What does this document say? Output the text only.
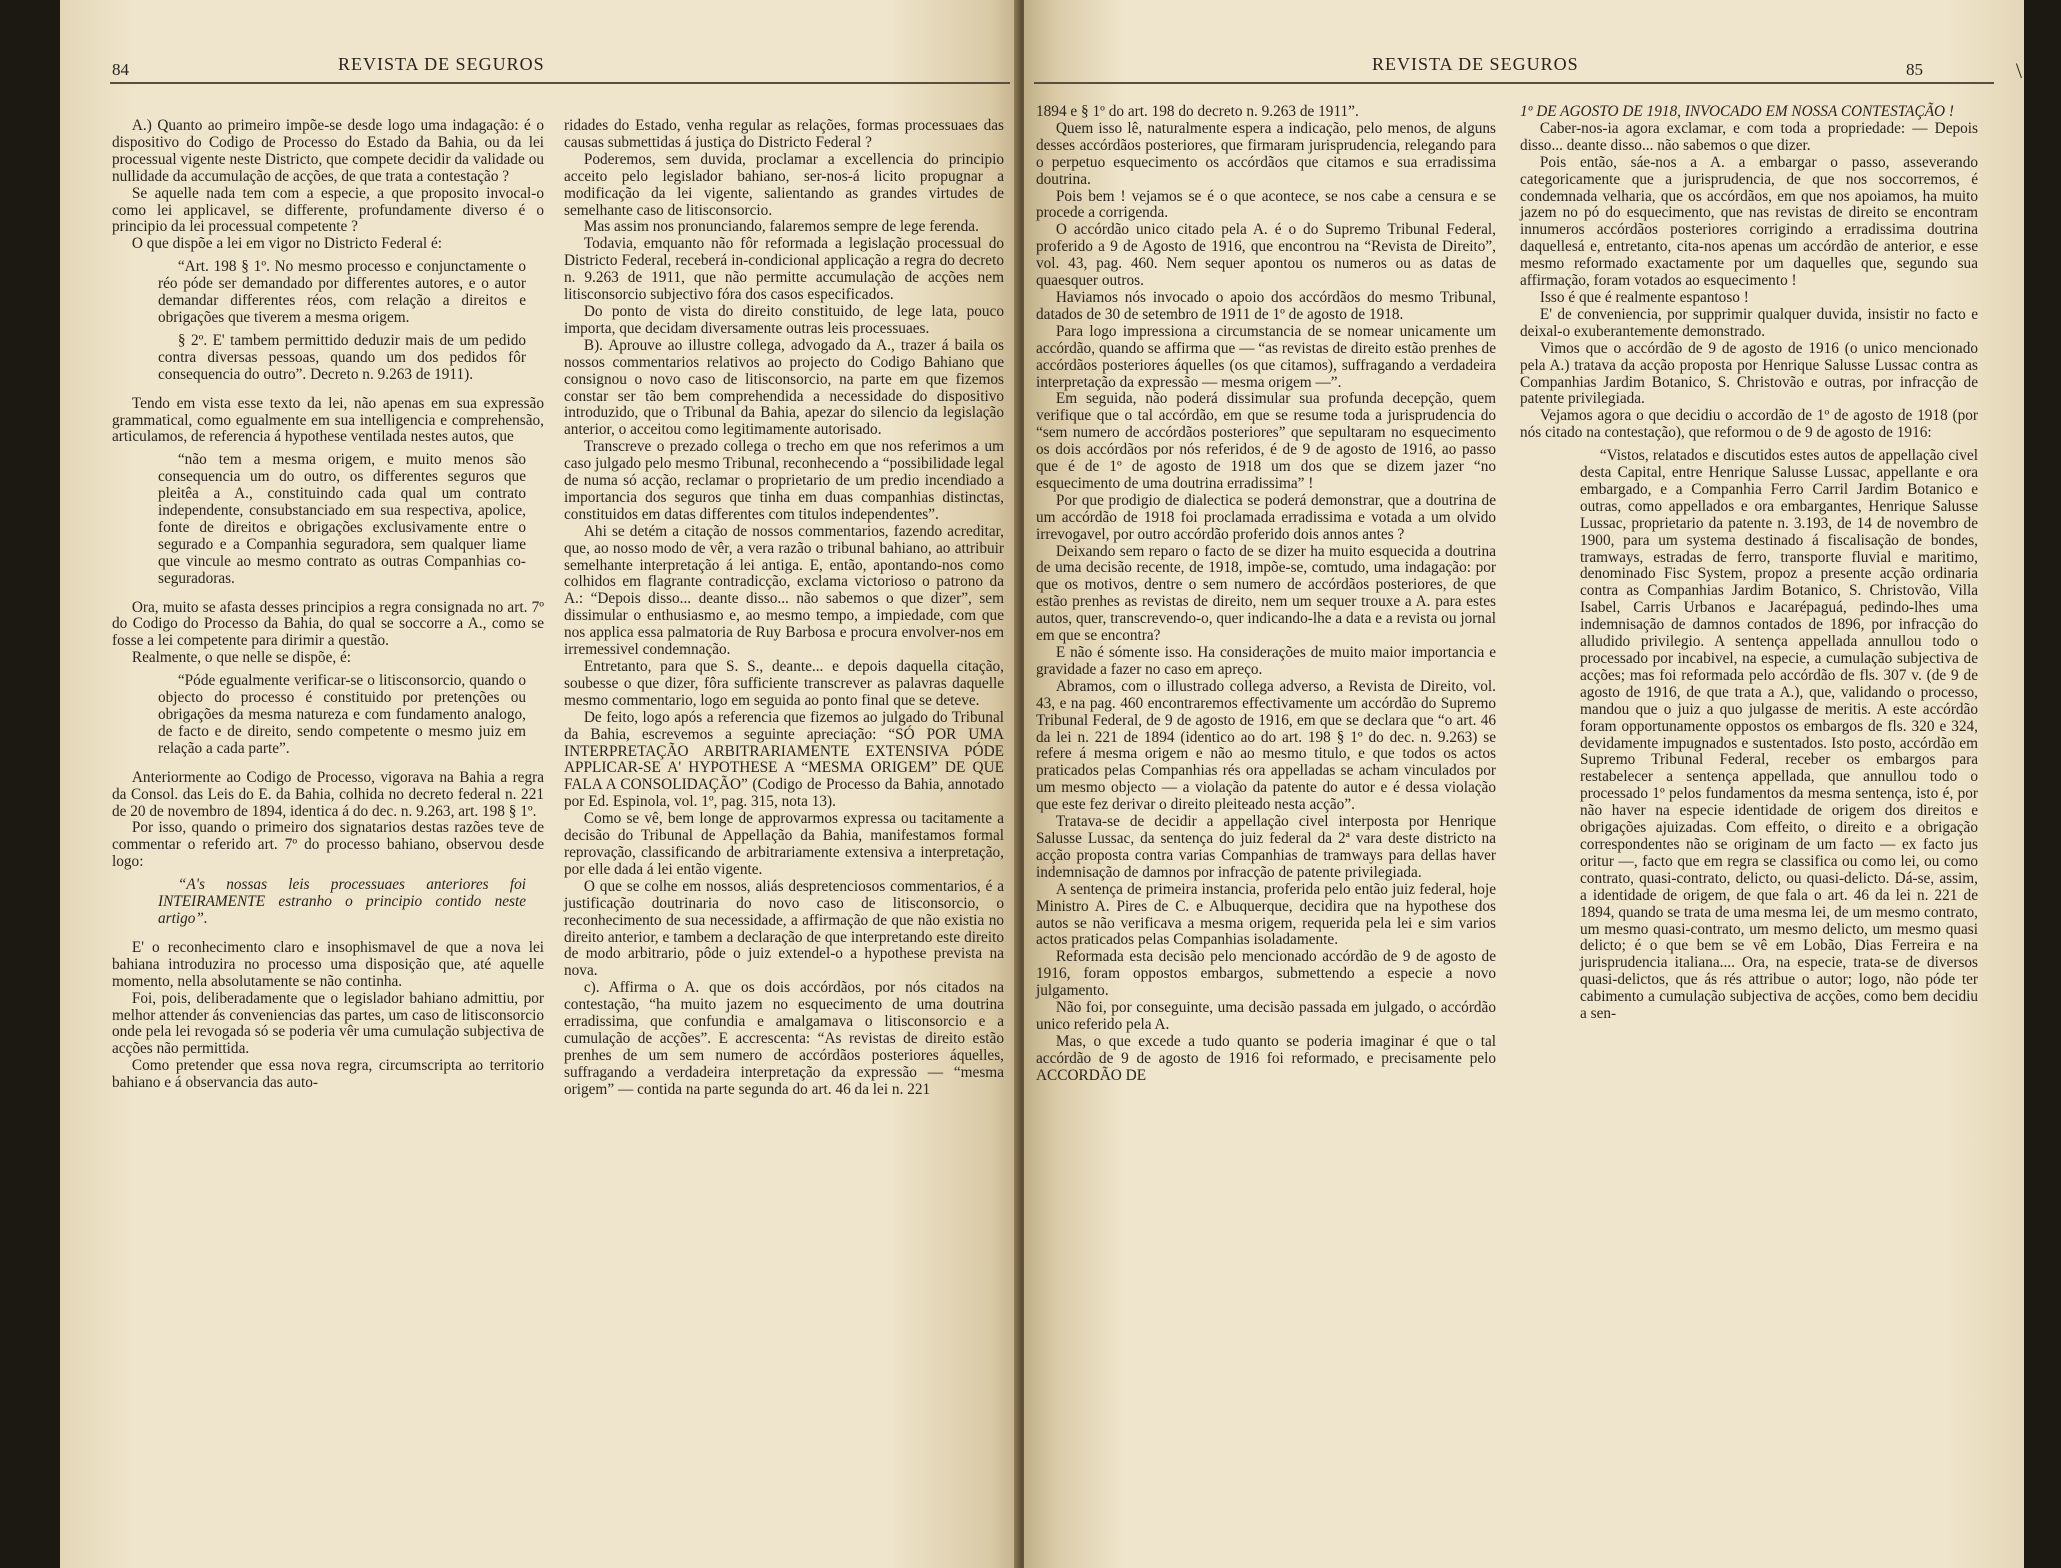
84	REVISTA DE SEGUROS

A.) Quanto ao primeiro impõe-se desde logo uma indagação: é o dispositivo do Codigo de Processo do Estado da Bahia, ou da lei processual vigente neste Districto, que compete decidir da validade ou nullidade da accumulação de acções, de que trata a contestação ?

Se aquelle nada tem com a especie, a que proposito invocal-o como lei applicavel, se differente, profundamente diverso é o principio da lei processual competente ?

O que dispõe a lei em vigor no Districto Federal é:

“Art. 198 § 1º. No mesmo processo e conjunctamente o réo póde ser demandado por differentes autores, e o autor demandar differentes réos, com relação a direitos e obrigações que tiverem a mesma origem.

§ 2º. E' tambem permittido deduzir mais de um pedido contra diversas pessoas, quando um dos pedidos fôr consequencia do outro”. Decreto n. 9.263 de 1911).

Tendo em vista esse texto da lei, não apenas em sua expressão grammatical, como egualmente em sua intelligencia e comprehensão, articulamos, de referencia á hypothese ventilada nestes autos, que

“não tem a mesma origem, e muito menos são consequencia um do outro, os differentes seguros que pleitêa a A., constituindo cada qual um contrato independente, consubstanciado em sua respectiva, apolice, fonte de direitos e obrigações exclusivamente entre o segurado e a Companhia seguradora, sem qualquer liame que vincule ao mesmo contrato as outras Companhias co-seguradoras.

Ora, muito se afasta desses principios a regra consignada no art. 7º do Codigo do Processo da Bahia, do qual se soccorre a A., como se fosse a lei competente para dirimir a questão.

Realmente, o que nelle se dispõe, é:

“Póde egualmente verificar-se o litisconsorcio, quando o objecto do processo é constituido por pretenções ou obrigações da mesma natureza e com fundamento analogo, de facto e de direito, sendo competente o mesmo juiz em relação a cada parte”.

Anteriormente ao Codigo de Processo, vigorava na Bahia a regra da Consol. das Leis do E. da Bahia, colhida no decreto federal n. 221 de 20 de novembro de 1894, identica á do dec. n. 9.263, art. 198 § 1º.

Por isso, quando o primeiro dos signatarios destas razões teve de commentar o referido art. 7º do processo bahiano, observou desde logo:

“A's nossas leis processuaes anteriores foi INTEIRAMENTE estranho o principio contido neste artigo”.

E' o reconhecimento claro e insophismavel de que a nova lei bahiana introduzira no processo uma disposição que, até aquelle momento, nella absolutamente se não continha.

Foi, pois, deliberadamente que o legislador bahiano admittiu, por melhor attender ás conveniencias das partes, um caso de litisconsorcio onde pela lei revogada só se poderia vêr uma cumulação subjectiva de acções não permittida.

Como pretender que essa nova regra, circumscripta ao territorio bahiano e á observancia das auto-

ridades do Estado, venha regular as relações, formas processuaes das causas submettidas á justiça do Districto Federal ?

Poderemos, sem duvida, proclamar a excellencia do principio acceito pelo legislador bahiano, ser-nos-á licito propugnar a modificação da lei vigente, salientando as grandes virtudes de semelhante caso de litisconsorcio.

Mas assim nos pronunciando, falaremos sempre de lege ferenda.

Todavia, emquanto não fôr reformada a legislação processual do Districto Federal, receberá in-condicional applicação a regra do decreto n. 9.263 de 1911, que não permitte accumulação de acções nem litisconsorcio subjectivo fóra dos casos especificados.

Do ponto de vista do direito constituido, de lege lata, pouco importa, que decidam diversamente outras leis processuaes.

B). Aprouve ao illustre collega, advogado da A., trazer á baila os nossos commentarios relativos ao projecto do Codigo Bahiano que consignou o novo caso de litisconsorcio, na parte em que fizemos constar ser tão bem comprehendida a necessidade do dispositivo introduzido, que o Tribunal da Bahia, apezar do silencio da legislação anterior, o acceitou como legitimamente autorisado.

Transcreve o prezado collega o trecho em que nos referimos a um caso julgado pelo mesmo Tribunal, reconhecendo a “possibilidade legal de numa só acção, reclamar o proprietario de um predio incendiado a importancia dos seguros que tinha em duas companhias distinctas, constituidos em datas differentes com titulos independentes”.

Ahi se detém a citação de nossos commentarios, fazendo acreditar, que, ao nosso modo de vêr, a vera razão o tribunal bahiano, ao attribuir semelhante interpretação á lei antiga. E, então, apontando-nos como colhidos em flagrante contradicção, exclama victorioso o patrono da A.: “Depois disso... deante disso... não sabemos o que dizer”, sem dissimular o enthusiasmo e, ao mesmo tempo, a impiedade, com que nos applica essa palmatoria de Ruy Barbosa e procura envolver-nos em irremessivel condemnação.

Entretanto, para que S. S., deante... e depois daquella citação, soubesse o que dizer, fôra sufficiente transcrever as palavras daquelle mesmo commentario, logo em seguida ao ponto final que se deteve.

De feito, logo após a referencia que fizemos ao julgado do Tribunal da Bahia, escrevemos a seguinte apreciação: “SÓ POR UMA INTERPRETAÇÃO ARBITRARIAMENTE EXTENSIVA PÓDE APPLICAR-SE A' HYPOTHESE A “MESMA ORIGEM” DE QUE FALA A CONSOLIDAÇÃO” (Codigo de Processo da Bahia, annotado por Ed. Espinola, vol. 1º, pag. 315, nota 13).

Como se vê, bem longe de approvarmos expressa ou tacitamente a decisão do Tribunal de Appellação da Bahia, manifestamos formal reprovação, classificando de arbitrariamente extensiva a interpretação, por elle dada á lei então vigente.

O que se colhe em nossos, aliás despretenciosos commentarios, é a justificação doutrinaria do novo caso de litisconsorcio, o reconhecimento de sua necessidade, a affirmação de que não existia no direito anterior, e tambem a declaração de que interpretando este direito de modo arbitrario, pôde o juiz extendel-o a hypothese prevista na nova.

c). Affirma o A. que os dois accórdãos, por nós citados na contestação, “ha muito jazem no esquecimento de uma doutrina erradissima, que confundia e amalgamava o litisconsorcio e a cumulação de acções”. E accrescenta: “As revistas de direito estão prenhes de um sem numero de accórdãos posteriores áquelles, suffragando a verdadeira interpretação da expressão — “mesma origem” — contida na parte segunda do art. 46 da lei n. 221

REVISTA DE SEGUROS	85

1894 e § 1º do art. 198 do decreto n. 9.263 de 1911”.

Quem isso lê, naturalmente espera a indicação, pelo menos, de alguns desses accórdãos posteriores, que firmaram jurisprudencia, relegando para o perpetuo esquecimento os accórdãos que citamos e sua erradissima doutrina.

Pois bem ! vejamos se é o que acontece, se nos cabe a censura e se procede a corrigenda.

O accórdão unico citado pela A. é o do Supremo Tribunal Federal, proferido a 9 de Agosto de 1916, que encontrou na “Revista de Direito”, vol. 43, pag. 460. Nem sequer apontou os numeros ou as datas de quaesquer outros.

Haviamos nós invocado o apoio dos accórdãos do mesmo Tribunal, datados de 30 de setembro de 1911 de 1º de agosto de 1918.

Para logo impressiona a circumstancia de se nomear unicamente um accórdão, quando se affirma que — “as revistas de direito estão prenhes de accórdãos posteriores áquelles (os que citamos), suffragando a verdadeira interpretação da expressão — mesma origem —”.

Em seguida, não poderá dissimular sua profunda decepção, quem verifique que o tal accórdão, em que se resume toda a jurisprudencia do “sem numero de accórdãos posteriores” que sepultaram no esquecimento os dois accórdãos por nós referidos, é de 9 de agosto de 1916, ao passo que é de 1º de agosto de 1918 um dos que se dizem jazer “no esquecimento de uma doutrina erradissima” !

Por que prodigio de dialectica se poderá demonstrar, que a doutrina de um accórdão de 1918 foi proclamada erradissima e votada a um olvido irrevogavel, por outro accórdão proferido dois annos antes ?

Deixando sem reparo o facto de se dizer ha muito esquecida a doutrina de uma decisão recente, de 1918, impõe-se, comtudo, uma indagação: por que os motivos, dentre o sem numero de accórdãos posteriores, de que estão prenhes as revistas de direito, nem um sequer trouxe a A. para estes autos, quer, transcrevendo-o, quer indicando-lhe a data e a revista ou jornal em que se encontra?

E não é sómente isso. Ha considerações de muito maior importancia e gravidade a fazer no caso em apreço.

Abramos, com o illustrado collega adverso, a Revista de Direito, vol. 43, e na pag. 460 encontraremos effectivamente um accórdão do Supremo Tribunal Federal, de 9 de agosto de 1916, em que se declara que “o art. 46 da lei n. 221 de 1894 (identico ao do art. 198 § 1º do dec. n. 9.263) se refere á mesma origem e não ao mesmo titulo, e que todos os actos praticados pelas Companhias rés ora appelladas se acham vinculados por um mesmo objecto — a violação da patente do autor e é dessa violação que este fez derivar o direito pleiteado nesta acção”.

Tratava-se de decidir a appellação civel interposta por Henrique Salusse Lussac, da sentença do juiz federal da 2ª vara deste districto na acção proposta contra varias Companhias de tramways para dellas haver indemnisação de damnos por infracção de patente privilegiada.

A sentença de primeira instancia, proferida pelo então juiz federal, hoje Ministro A. Pires de C. e Albuquerque, decidira que na hypothese dos autos se não verificava a mesma origem, requerida pela lei e sim varios actos praticados pelas Companhias isoladamente.

Reformada esta decisão pelo mencionado accórdão de 9 de agosto de 1916, foram oppostos embargos, submettendo a especie a novo julgamento.

Não foi, por conseguinte, uma decisão passada em julgado, o accórdão unico referido pela A.

Mas, o que excede a tudo quanto se poderia imaginar é que o tal accórdão de 9 de agosto de 1916 foi reformado, e precisamente pelo ACCORDÃO DE

1º DE AGOSTO DE 1918, INVOCADO EM NOSSA CONTESTAÇÃO !

Caber-nos-ia agora exclamar, e com toda a propriedade: — Depois disso... deante disso... não sabemos o que dizer.

Pois então, sáe-nos a A. a embargar o passo, asseverando categoricamente que a jurisprudencia, de que nos soccorremos, é condemnada velharia, que os accórdãos, em que nos apoiamos, ha muito jazem no pó do esquecimento, que nas revistas de direito se encontram innumeros accórdãos posteriores corrigindo a erradissima doutrina daquellesá e, entretanto, cita-nos apenas um accórdão de anterior, e esse mesmo reformado exactamente por um daquelles que, segundo sua affirmação, foram votados ao esquecimento !

Isso é que é realmente espantoso !

E' de conveniencia, por supprimir qualquer duvida, insistir no facto e deixal-o exuberantemente demonstrado.

Vimos que o accórdão de 9 de agosto de 1916 (o unico mencionado pela A.) tratava da acção proposta por Henrique Salusse Lussac contra as Companhias Jardim Botanico, S. Christovão e outras, por infracção de patente privilegiada.

Vejamos agora o que decidiu o accordão de 1º de agosto de 1918 (por nós citado na contestação), que reformou o de 9 de agosto de 1916:

“Vistos, relatados e discutidos estes autos de appellação civel desta Capital, entre Henrique Salusse Lussac, appellante e ora embargado, e a Companhia Ferro Carril Jardim Botanico e outras, como appellados e ora embargantes, Henrique Salusse Lussac, proprietario da patente n. 3.193, de 14 de novembro de 1900, para um systema destinado á fiscalisação de bondes, tramways, estradas de ferro, transporte fluvial e maritimo, denominado Fisc System, propoz a presente acção ordinaria contra as Companhias Jardim Botanico, S. Christovão, Villa Isabel, Carris Urbanos e Jacarépaguá, pedindo-lhes uma indemnisação de damnos contados de 1896, por infracção do alludido privilegio. A sentença appellada annullou todo o processado por incabivel, na especie, a cumulação subjectiva de acções; mas foi reformada pelo accórdão de fls. 307 v. (de 9 de agosto de 1916, de que trata a A.), que, validando o processo, mandou que o juiz a quo julgasse de meritis. A este accórdão foram opportunamente oppostos os embargos de fls. 320 e 324, devidamente impugnados e sustentados. Isto posto, accórdão em Supremo Tribunal Federal, receber os embargos para restabelecer a sentença appellada, que annullou todo o processado 1º pelos fundamentos da mesma sentença, isto é, por não haver na especie identidade de origem dos direitos e obrigações ajuizadas. Com effeito, o direito e a obrigação correspondentes não se originam de um facto — ex facto jus oritur —, facto que em regra se classifica ou como lei, ou como contrato, quasi-contrato, delicto, ou quasi-delicto. Dá-se, assim, a identidade de origem, de que fala o art. 46 da lei n. 221 de 1894, quando se trata de uma mesma lei, de um mesmo contrato, um mesmo quasi-contrato, um mesmo delicto, um mesmo quasi delicto; é o que bem se vê em Lobão, Dias Ferreira e na jurisprudencia italiana.... Ora, na especie, trata-se de diversos quasi-delictos, que ás rés attribue o autor; logo, não póde ter cabimento a cumulação subjectiva de acções, como bem decidiu a sen-

\
